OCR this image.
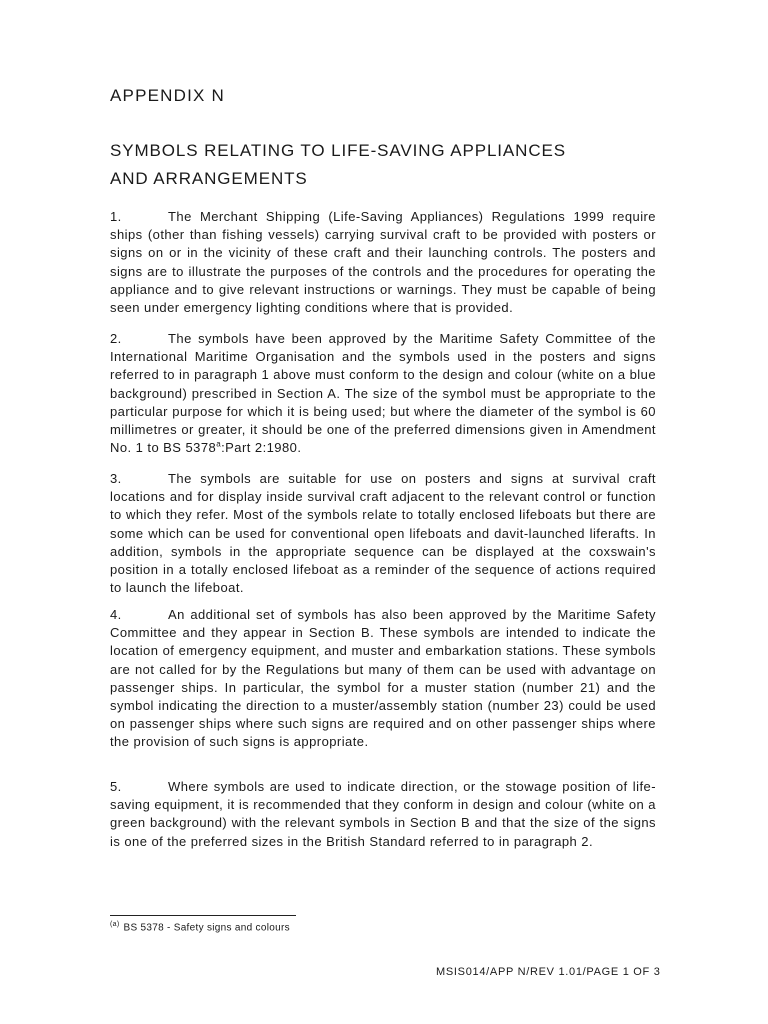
APPENDIX N
SYMBOLS RELATING TO LIFE-SAVING APPLIANCES
AND ARRANGEMENTS
1.	The Merchant Shipping (Life-Saving Appliances) Regulations 1999 require ships (other than fishing vessels) carrying survival craft to be provided with posters or signs on or in the vicinity of these craft and their launching controls. The posters and signs are to illustrate the purposes of the controls and the procedures for operating the appliance and to give relevant instructions or warnings. They must be capable of being seen under emergency lighting conditions where that is provided.
2.	The symbols have been approved by the Maritime Safety Committee of the International Maritime Organisation and the symbols used in the posters and signs referred to in paragraph 1 above must conform to the design and colour (white on a blue background) prescribed in Section A. The size of the symbol must be appropriate to the particular purpose for which it is being used; but where the diameter of the symbol is 60 millimetres or greater, it should be one of the preferred dimensions given in Amendment No. 1 to BS 5378$^a$:Part 2:1980.
3.	The symbols are suitable for use on posters and signs at survival craft locations and for display inside survival craft adjacent to the relevant control or function to which they refer. Most of the symbols relate to totally enclosed lifeboats but there are some which can be used for conventional open lifeboats and davit-launched liferafts. In addition, symbols in the appropriate sequence can be displayed at the coxswain's position in a totally enclosed lifeboat as a reminder of the sequence of actions required to launch the lifeboat.
4.	An additional set of symbols has also been approved by the Maritime Safety Committee and they appear in Section B. These symbols are intended to indicate the location of emergency equipment, and muster and embarkation stations. These symbols are not called for by the Regulations but many of them can be used with advantage on passenger ships. In particular, the symbol for a muster station (number 21) and the symbol indicating the direction to a muster/assembly station (number 23) could be used on passenger ships where such signs are required and on other passenger ships where the provision of such signs is appropriate.
5.	Where symbols are used to indicate direction, or the stowage position of life-saving equipment, it is recommended that they conform in design and colour (white on a green background) with the relevant symbols in Section B and that the size of the signs is one of the preferred sizes in the British Standard referred to in paragraph 2.
$^{(a)}$ BS 5378 - Safety signs and colours
MSIS014/APP N/REV 1.01/PAGE 1 OF 3
